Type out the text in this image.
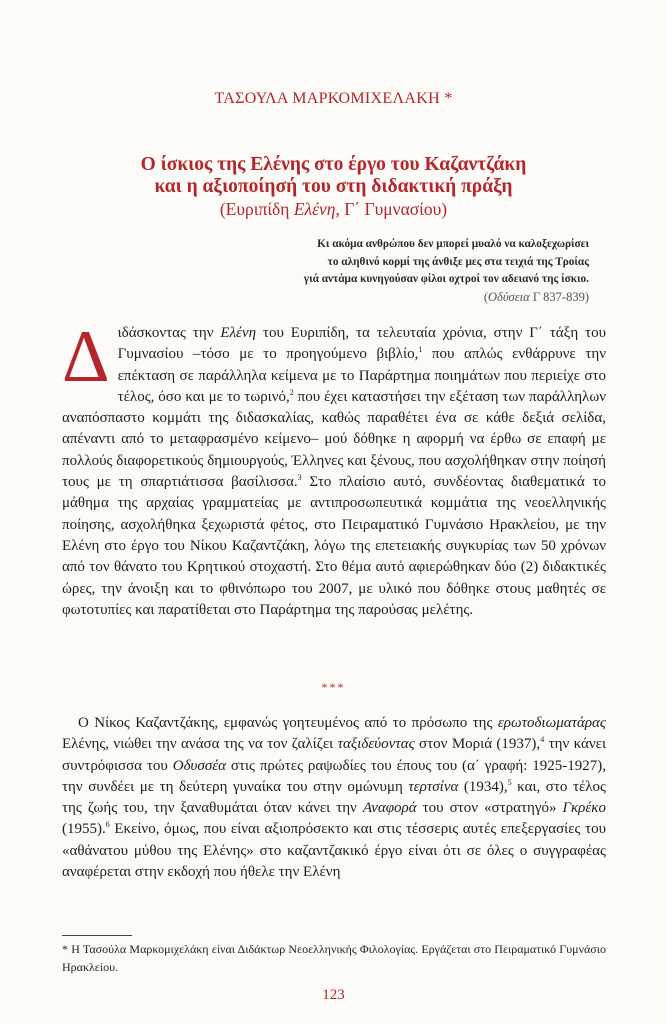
ΤΑΣΟΥΛΑ ΜΑΡΚΟΜΙΧΕΛΑΚΗ *
Ο ίσκιος της Ελένης στο έργο του Καζαντζάκη
και η αξιοποίησή του στη διδακτική πράξη
(Ευριπίδη Ελένη, Γ΄ Γυμνασίου)
Κι ακόμα ανθρώπου δεν μπορεί μυαλό να καλοξεχωρίσει
το αληθινό κορμί της άνθιξε μες στα τειχιά της Τροίας
γιά αντάμα κυνηγούσαν φίλοι οχτροί τον αδειανό της ίσκιο.
(Οδύσεια Γ 837-839)
Διδάσκοντας την Ελένη του Ευριπίδη, τα τελευταία χρόνια, στην Γ΄ τάξη του Γυμνασίου –τόσο με το προηγούμενο βιβλίο,$^1$ που απλώς ενθάρρυνε την επέκταση σε παράλληλα κείμενα με το Παράρτημα ποιημάτων που περιείχε στο τέλος, όσο και με το τωρινό,$^2$ που έχει καταστήσει την εξέταση των παράλληλων αναπόσπαστο κομμάτι της διδασκαλίας, καθώς παραθέτει ένα σε κάθε δεξιά σελίδα, απέναντι από το μεταφρασμένο κείμενο– μού δόθηκε η αφορμή να έρθω σε επαφή με πολλούς διαφορετικούς δημιουργούς, Έλληνες και ξένους, που ασχολήθηκαν στην ποίησή τους με τη σπαρτιάτισσα βασίλισσα.$^3$ Στο πλαίσιο αυτό, συνδέοντας διαθεματικά το μάθημα της αρχαίας γραμματείας με αντιπροσωπευτικά κομμάτια της νεοελληνικής ποίησης, ασχολήθηκα ξεχωριστά φέτος, στο Πειραματικό Γυμνάσιο Ηρακλείου, με την Ελένη στο έργο του Νίκου Καζαντζάκη, λόγω της επετειακής συγκυρίας των 50 χρόνων από τον θάνατο του Κρητικού στοχαστή. Στο θέμα αυτό αφιερώθηκαν δύο (2) διδακτικές ώρες, την άνοιξη και το φθινόπωρο του 2007, με υλικό που δόθηκε στους μαθητές σε φωτοτυπίες και παρατίθεται στο Παράρτημα της παρούσας μελέτης.
***
Ο Νίκος Καζαντζάκης, εμφανώς γοητευμένος από το πρόσωπο της ερωτοδιωματάρας Ελένης, νιώθει την ανάσα της να τον ζαλίζει ταξιδεύοντας στον Μοριά (1937),$^4$ την κάνει συντρόφισσα του Οδυσσέα στις πρώτες ραψωδίες του έπους του (α΄ γραφή: 1925-1927), την συνδέει με τη δεύτερη γυναίκα του στην ομώνυμη τερτσίνα (1934),$^5$ και, στο τέλος της ζωής του, την ξαναθυμάται όταν κάνει την Αναφορά του στον «στρατηγό» Γκρέκο (1955).$^6$ Εκείνο, όμως, που είναι αξιοπρόσεκτο και στις τέσσερις αυτές επεξεργασίες του «αθάνατου μύθου της Ελένης» στο καζαντζακικό έργο είναι ότι σε όλες ο συγγραφέας αναφέρεται στην εκδοχή που ήθελε την Ελένη
* Η Τασούλα Μαρκομιχελάκη είναι Διδάκτωρ Νεοελληνικής Φιλολογίας. Εργάζεται στο Πειραματικό Γυμνάσιο Ηρακλείου.
123
